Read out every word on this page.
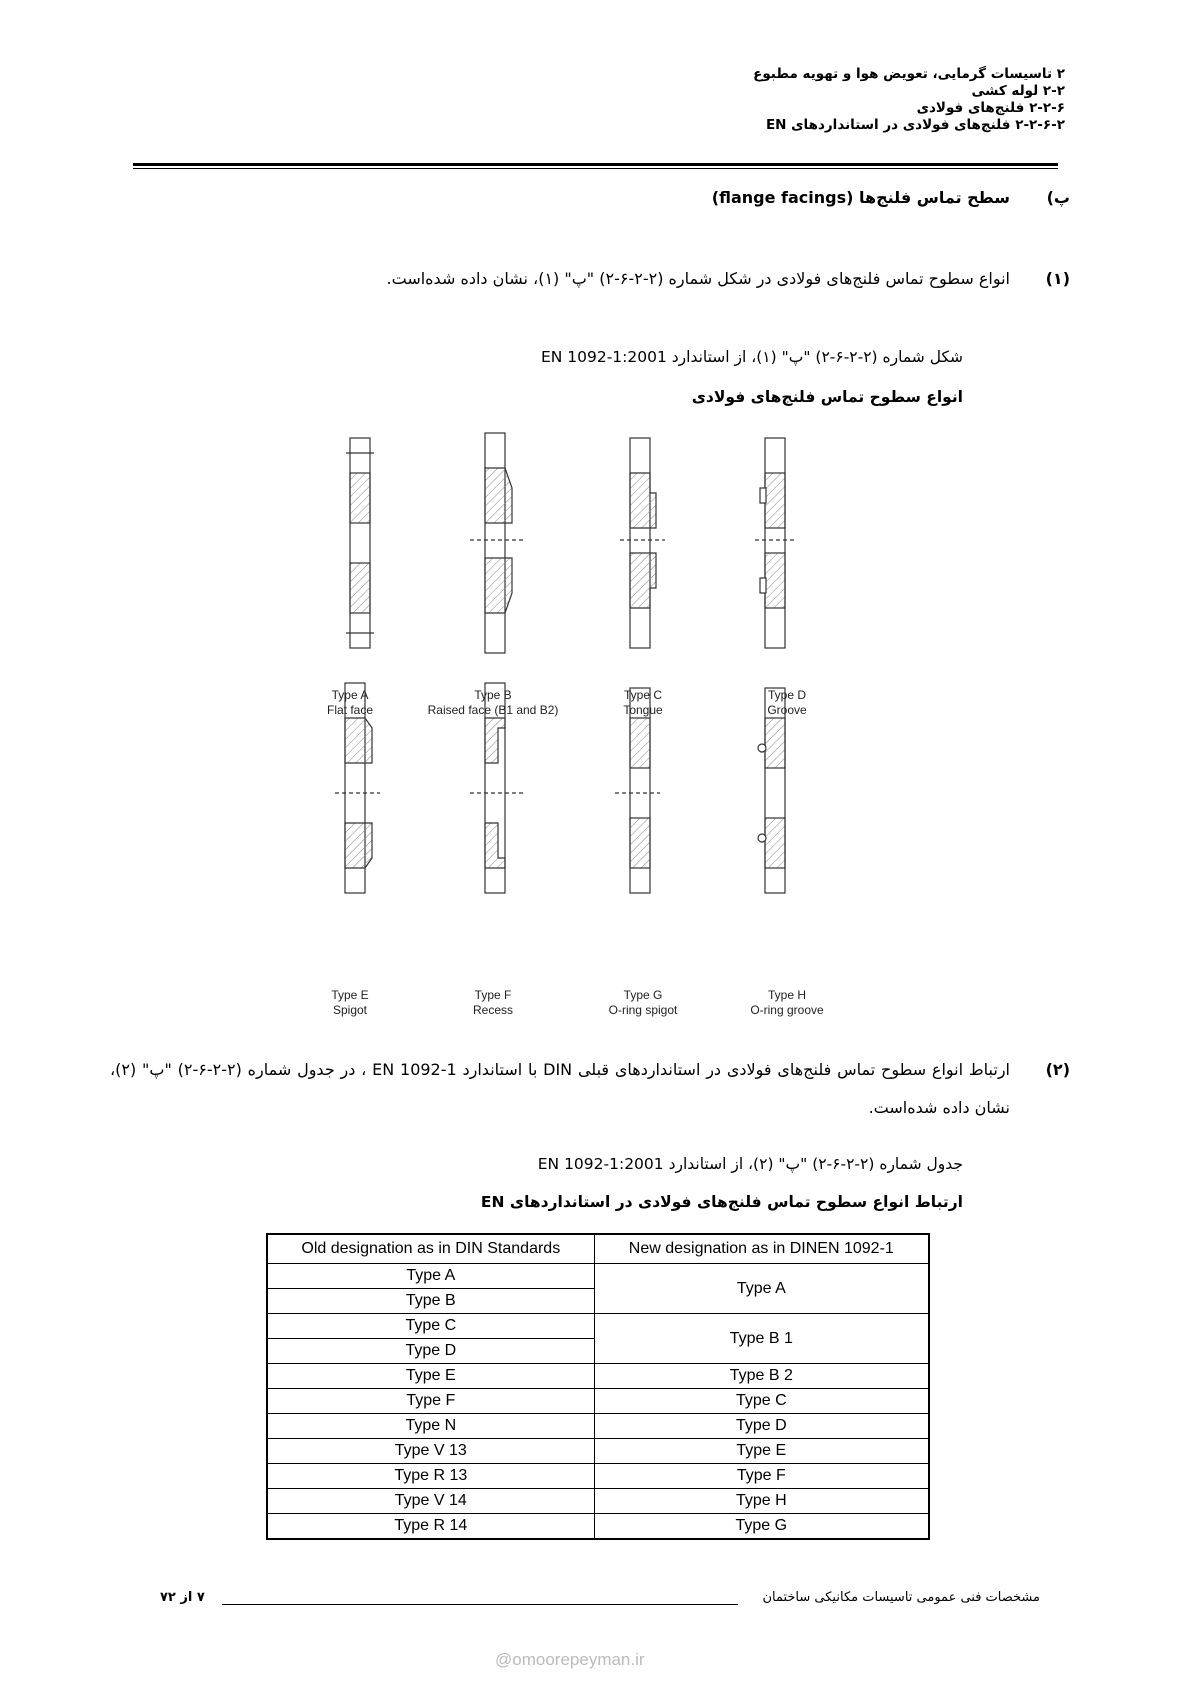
۲ تاسیسات گرمایی، تعویض هوا و تهویه مطبوع
۲-۲ لوله کشی
۲-۲-۶ فلنج‌های فولادی
۲-۲-۶-۲ فلنج‌های فولادی در استانداردهای EN
پ)
سطح تماس فلنج‌ها (flange facings)
(۱)
انواع سطوح تماس فلنج‌های فولادی در شکل شماره (۲-۲-۶-۲) "پ" (۱)، نشان داده شده‌است.
شکل شماره (۲-۲-۶-۲) "پ" (۱)، از استاندارد EN 1092-1:2001
انواع سطوح تماس فلنج‌های فولادی
Type A
Flat face
Type B
Raised face (B1 and B2)
Type C
Tongue
Type D
Groove
Type E
Spigot
Type F
Recess
Type G
O-ring spigot
Type H
O-ring groove
(۲)
ارتباط انواع سطوح تماس فلنج‌های فولادی در استانداردهای قبلی DIN با استاندارد EN 1092-1 ، در جدول شماره (۲-۲-۶-۲) "پ" (۲)، نشان داده شده‌است.
جدول شماره (۲-۲-۶-۲) "پ" (۲)، از استاندارد EN 1092-1:2001
ارتباط انواع سطوح تماس فلنج‌های فولادی در استانداردهای EN
Old designation as in DIN Standards	New designation as in DINEN 1092-1
Type A	Type A
Type B	
Type C	Type B 1
Type D	
Type E	Type B 2
Type F	Type C
Type N	Type D
Type V 13	Type E
Type R 13	Type F
Type V 14	Type H
Type R 14	Type G
مشخصات فنی عمومی تاسیسات مکانیکی ساختمان
۷ از ۷۲
@omoorepeyman.ir
